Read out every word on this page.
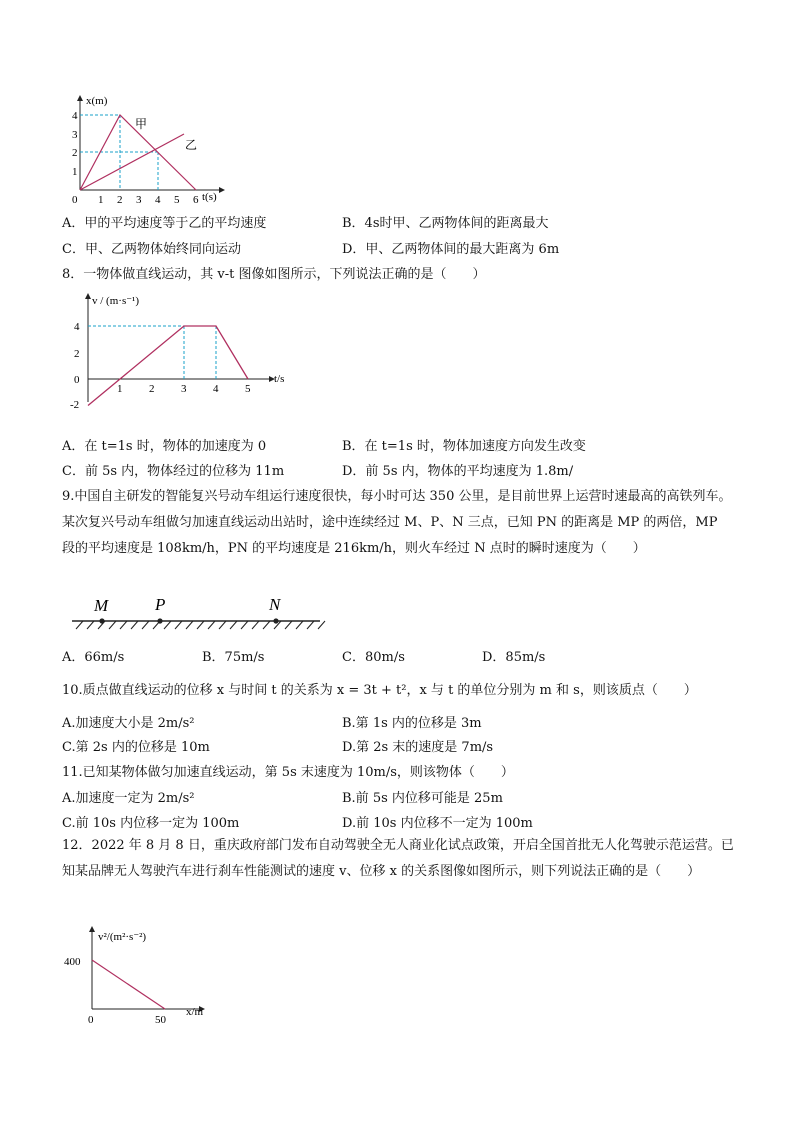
x(m)
t(s)
4
3
2
1
0 1 2 3 4 5 6
甲
乙
A．甲的平均速度等于乙的平均速度	B．4s时甲、乙两物体间的距离最大
C．甲、乙两物体始终同向运动	D．甲、乙两物体间的最大距离为 6m
8．一物体做直线运动，其 v-t 图像如图所示，下列说法正确的是（　　）
v / (m·s⁻¹)
t/s
4
2
0
-2
1 2 3 4 5
A．在 t=1s 时，物体的加速度为 0	B．在 t=1s 时，物体加速度方向发生改变
C．前 5s 内，物体经过的位移为 11m	D．前 5s 内，物体的平均速度为 1.8m/
9.中国自主研发的智能复兴号动车组运行速度很快，每小时可达 350 公里，是目前世界上运营时速最高的高铁列车。某次复兴号动车组做匀加速直线运动出站时，途中连续经过 M、P、N 三点，已知 PN 的距离是 MP 的两倍，MP 段的平均速度是 108km/h，PN 的平均速度是 216km/h，则火车经过 N 点时的瞬时速度为（　　）
M	P	N
A．66m/s	B．75m/s	C．80m/s	D．85m/s
10.质点做直线运动的位移 x 与时间 t 的关系为 x = 3t + t²，x 与 t 的单位分别为 m 和 s，则该质点（　　）
A.加速度大小是 2m/s²	B.第 1s 内的位移是 3m
C.第 2s 内的位移是 10m	D.第 2s 末的速度是 7m/s
11.已知某物体做匀加速直线运动，第 5s 末速度为 10m/s，则该物体（　　）
A.加速度一定为 2m/s²	B.前 5s 内位移可能是 25m
C.前 10s 内位移一定为 100m	D.前 10s 内位移不一定为 100m
12．2022 年 8 月 8 日，重庆政府部门发布自动驾驶全无人商业化试点政策，开启全国首批无人化驾驶示范运营。已知某品牌无人驾驶汽车进行刹车性能测试的速度 v、位移 x 的关系图像如图所示，则下列说法正确的是（　　）
v²/(m²·s⁻²)
x/m
400
0	50
